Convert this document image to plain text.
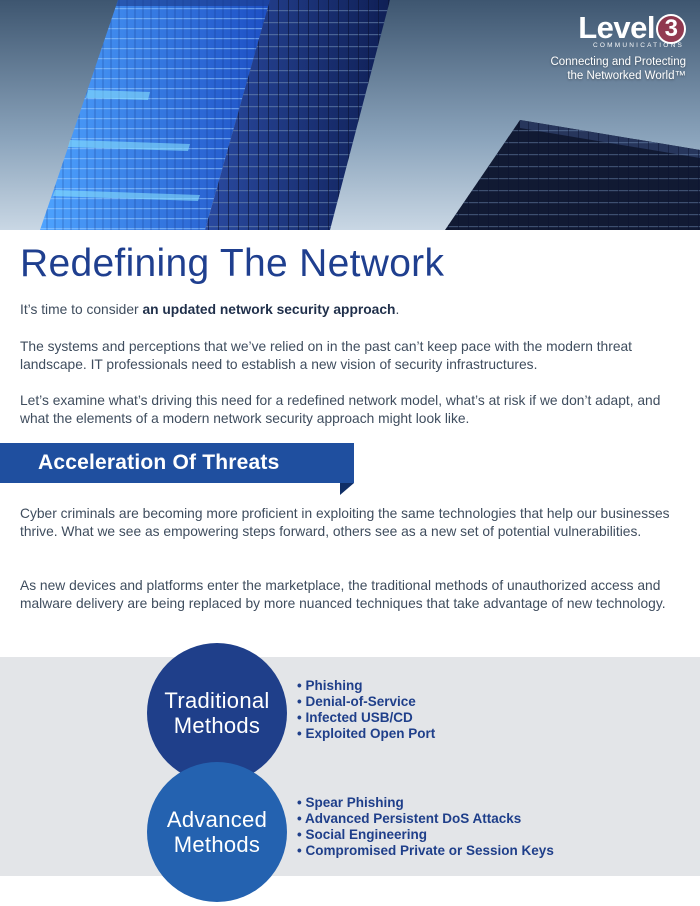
Level 3
COMMUNICATIONS
Connecting and Protecting
the Networked World™
Redefining The Network

It’s time to consider an updated network security approach.

The systems and perceptions that we’ve relied on in the past can’t keep pace with the modern threat landscape. IT professionals need to establish a new vision of security infrastructures.

Let’s examine what’s driving this need for a redefined network model, what’s at risk if we don’t adapt, and what the elements of a modern network security approach might look like.

Acceleration Of Threats

Cyber criminals are becoming more proficient in exploiting the same technologies that help our businesses thrive. What we see as empowering steps forward, others see as a new set of potential vulnerabilities.

As new devices and platforms enter the marketplace, the traditional methods of unauthorized access and malware delivery are being replaced by more nuanced techniques that take advantage of new technology.

Traditional
Methods
• Phishing
• Denial-of-Service
• Infected USB/CD
• Exploited Open Port
Advanced
Methods
• Spear Phishing
• Advanced Persistent DoS Attacks
• Social Engineering
• Compromised Private or Session Keys
